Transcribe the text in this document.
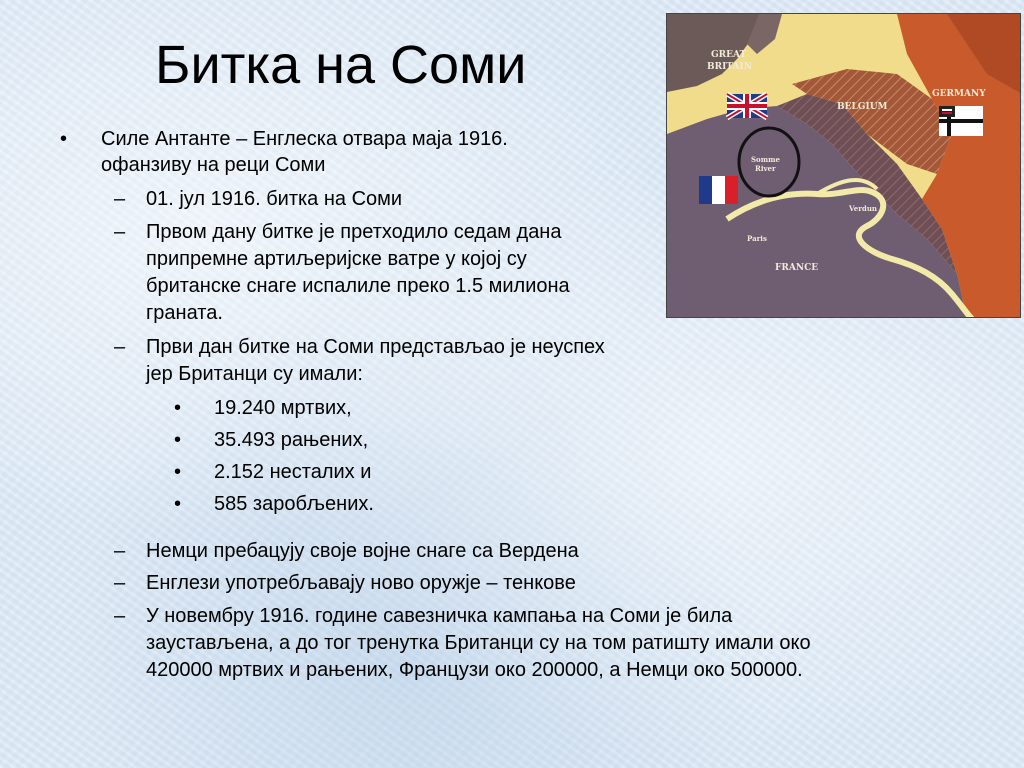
Битка на Соми
• Силе Антанте – Енглеска отвара маја 1916.

офанзиву на реци Соми

– 01. јул 1916. битка на Соми

– Првом дану битке је претходило седам дана

припремне артиљеријске ватре у којој су

британске снаге испалиле преко 1.5 милиона

граната.

– Први дан битке на Соми представљао је неуспех

јер Британци су имали:

• 19.240 мртвих,

• 35.493 рањених,

• 2.152 несталих и

• 585 заробљених.

– Немци пребацују своје војне снаге са Вердена

– Енглези употребљавају ново оружје – тенкове

– У новембру 1916. године савезничка кампања на Соми је била

заустављена, а до тог тренутка Британци су на том ратишту имали око

420000 мртвих и рањених, Французи око 200000, а Немци око 500000.

GREAT
BRITAIN
BELGIUM
GERMANY
Somme
River
Verdun
Paris
FRANCE
